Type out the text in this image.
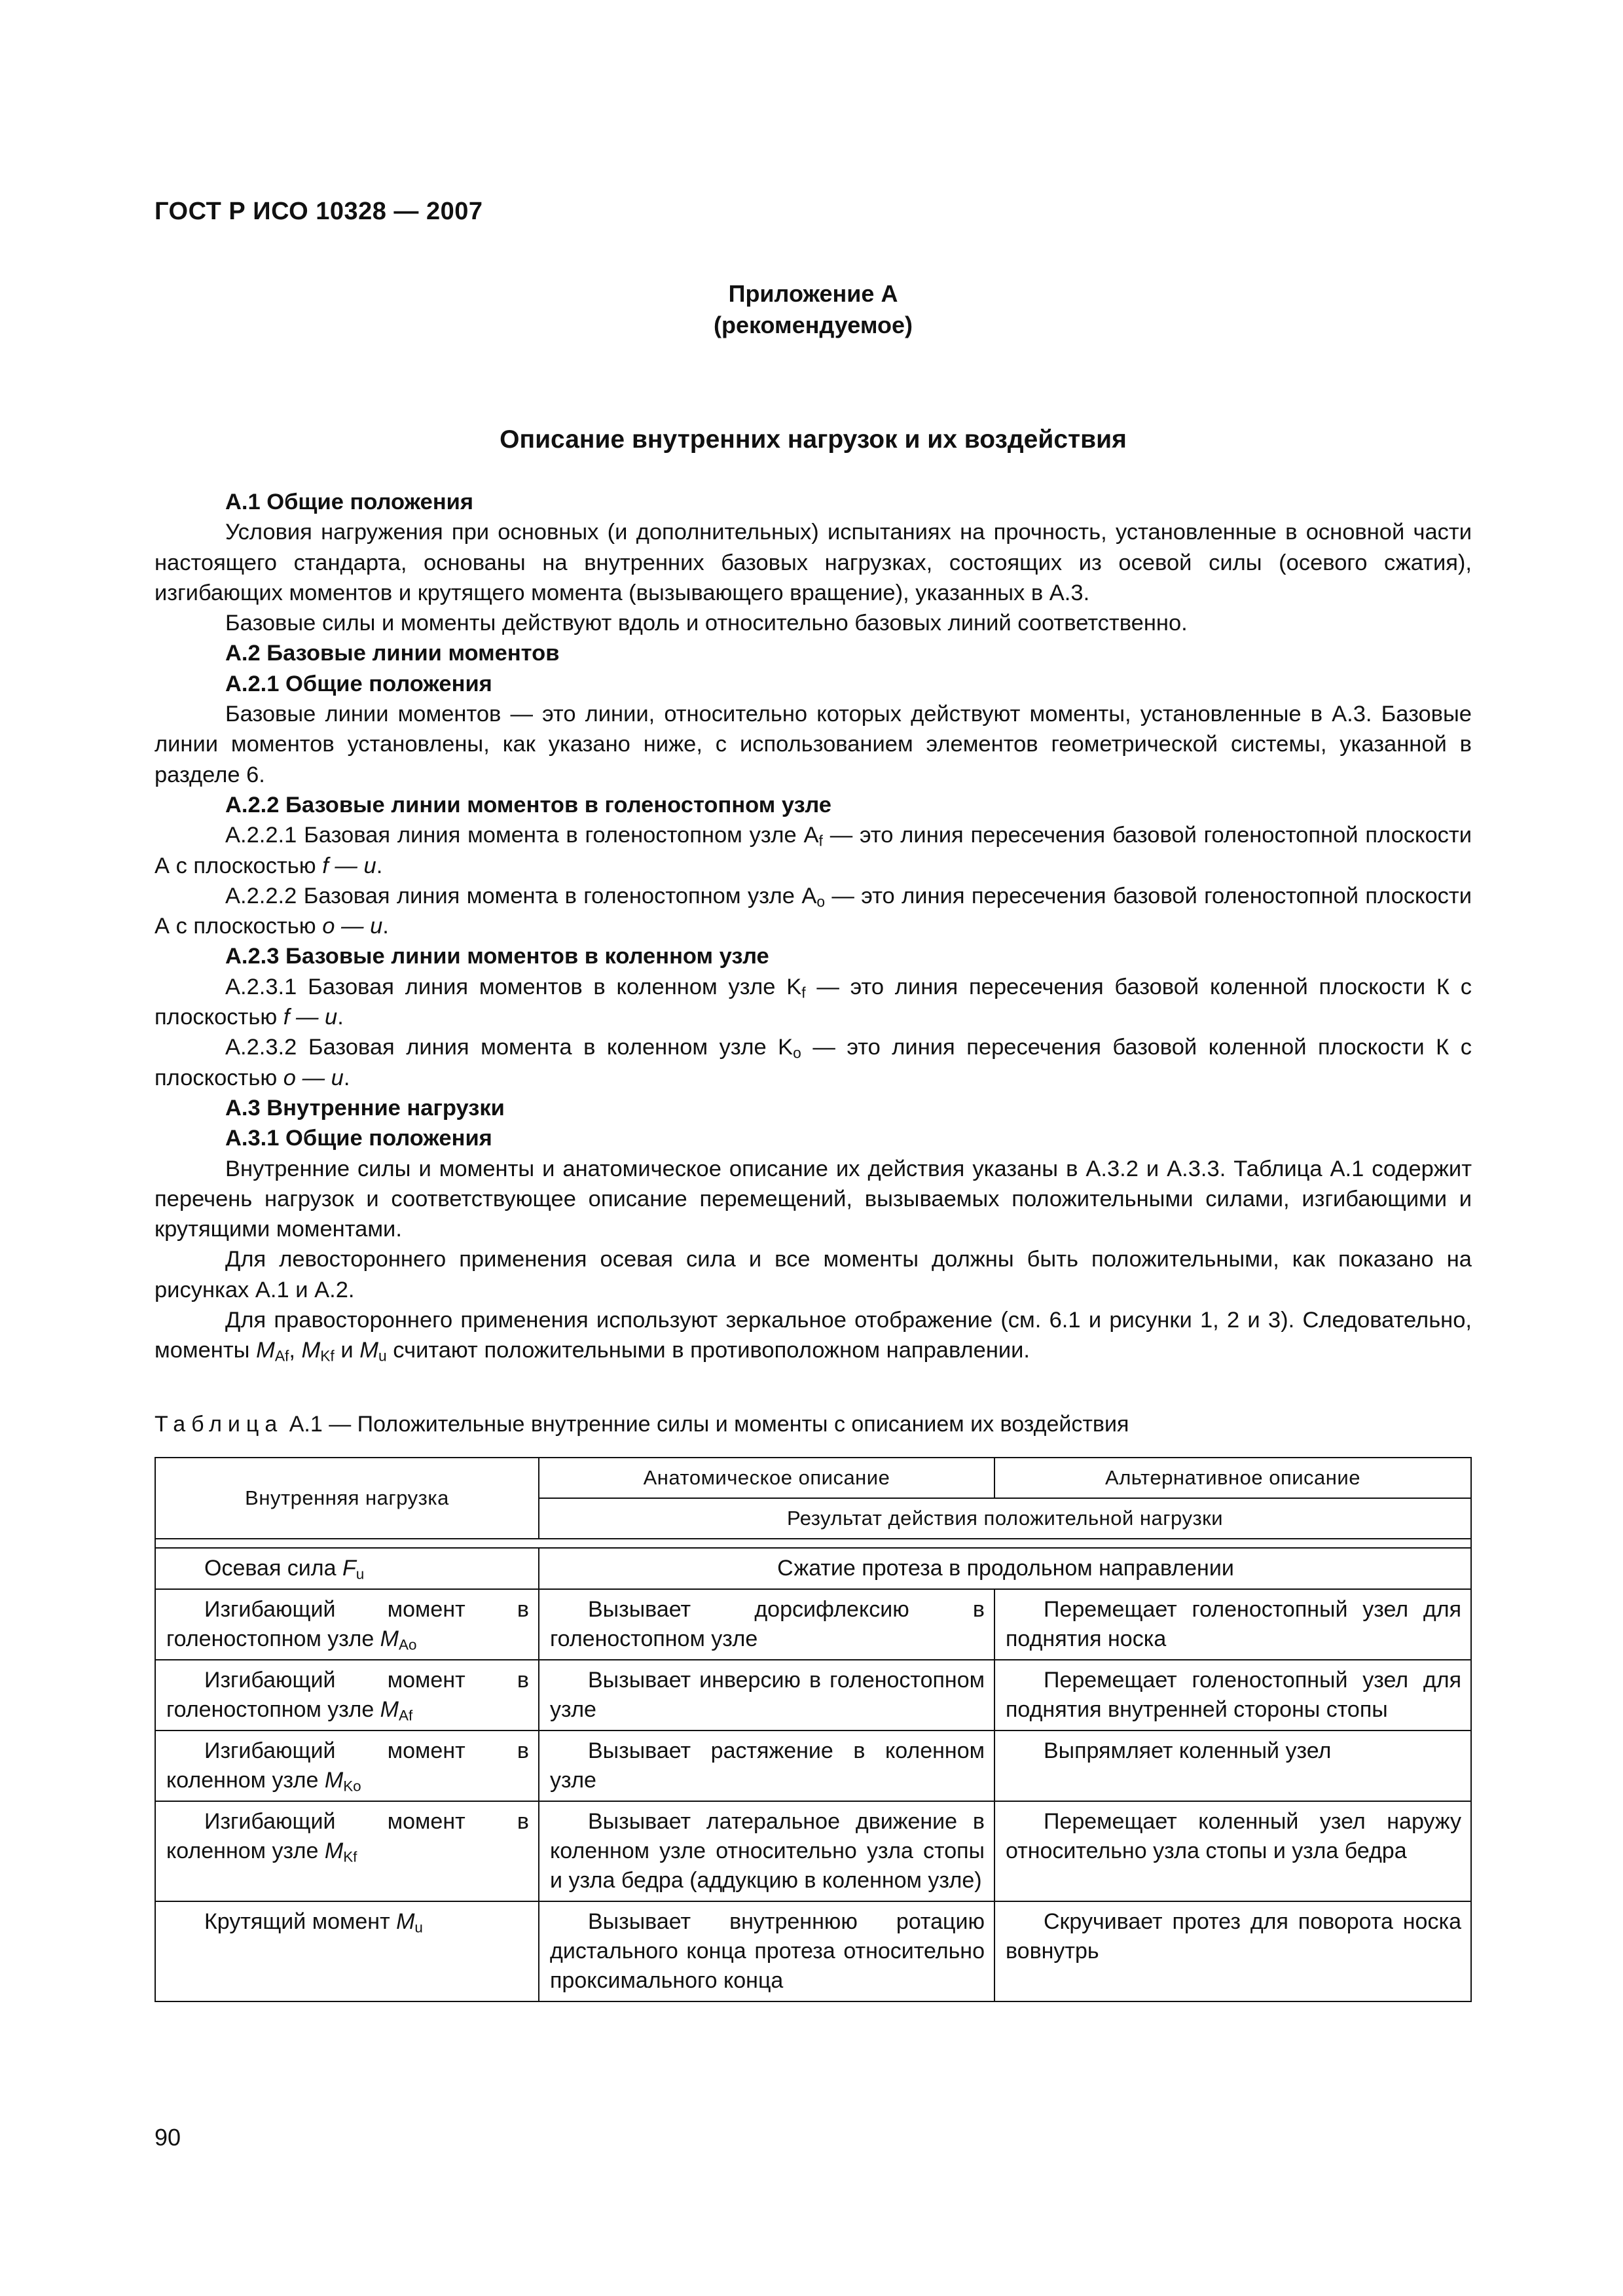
ГОСТ Р ИСО 10328 — 2007
Приложение А
(рекомендуемое)
Описание внутренних нагрузок и их воздействия

А.1 Общие положения

Условия нагружения при основных (и дополнительных) испытаниях на прочность, установленные в основной части настоящего стандарта, основаны на внутренних базовых нагрузках, состоящих из осевой силы (осевого сжатия), изгибающих моментов и крутящего момента (вызывающего вращение), указанных в А.3.

Базовые силы и моменты действуют вдоль и относительно базовых линий соответственно.

А.2 Базовые линии моментов

А.2.1 Общие положения

Базовые линии моментов — это линии, относительно которых действуют моменты, установленные в А.3. Базовые линии моментов установлены, как указано ниже, с использованием элементов геометрической системы, указанной в разделе 6.

А.2.2 Базовые линии моментов в голеностопном узле

А.2.2.1 Базовая линия момента в голеностопном узле $A_f$ — это линия пересечения базовой голеностопной плоскости А с плоскостью f — u.

А.2.2.2 Базовая линия момента в голеностопном узле $A_o$ — это линия пересечения базовой голеностопной плоскости А с плоскостью o — u.

А.2.3 Базовые линии моментов в коленном узле

А.2.3.1 Базовая линия моментов в коленном узле $K_f$ — это линия пересечения базовой коленной плоскости К с плоскостью f — u.

А.2.3.2 Базовая линия момента в коленном узле $K_o$ — это линия пересечения базовой коленной плоскости К с плоскостью o — u.

А.3 Внутренние нагрузки

А.3.1 Общие положения

Внутренние силы и моменты и анатомическое описание их действия указаны в А.3.2 и А.3.3. Таблица А.1 содержит перечень нагрузок и соответствующее описание перемещений, вызываемых положительными силами, изгибающими и крутящими моментами.

Для левостороннего применения осевая сила и все моменты должны быть положительными, как показано на рисунках А.1 и А.2.

Для правостороннего применения используют зеркальное отображение (см. 6.1 и рисунки 1, 2 и 3). Следовательно, моменты $M_{Af}$, $M_{Kf}$ и $M_u$ считают положительными в противоположном направлении.

Таблица А.1 — Положительные внутренние силы и моменты с описанием их воздействия
Внутренняя нагрузка	Анатомическое описание	Альтернативное описание
	Результат действия положительной нагрузки	

Осевая сила $F_u$	Сжатие протеза в продольном направлении	
Изгибающий момент в голеностопном узле $M_{Ao}$	Вызывает дорсифлексию в голеностопном узле	Перемещает голеностопный узел для поднятия носка
Изгибающий момент в голеностопном узле $M_{Af}$	Вызывает инверсию в голеностопном узле	Перемещает голеностопный узел для поднятия внутренней стороны стопы
Изгибающий момент в коленном узле $M_{Ko}$	Вызывает растяжение в коленном узле	Выпрямляет коленный узел
Изгибающий момент в коленном узле $M_{Kf}$	Вызывает латеральное движение в коленном узле относительно узла стопы и узла бедра (аддукцию в коленном узле)	Перемещает коленный узел наружу относительно узла стопы и узла бедра
Крутящий момент $M_u$	Вызывает внутреннюю ротацию дистального конца протеза относительно проксимального конца	Скручивает протез для поворота носка вовнутрь
90
